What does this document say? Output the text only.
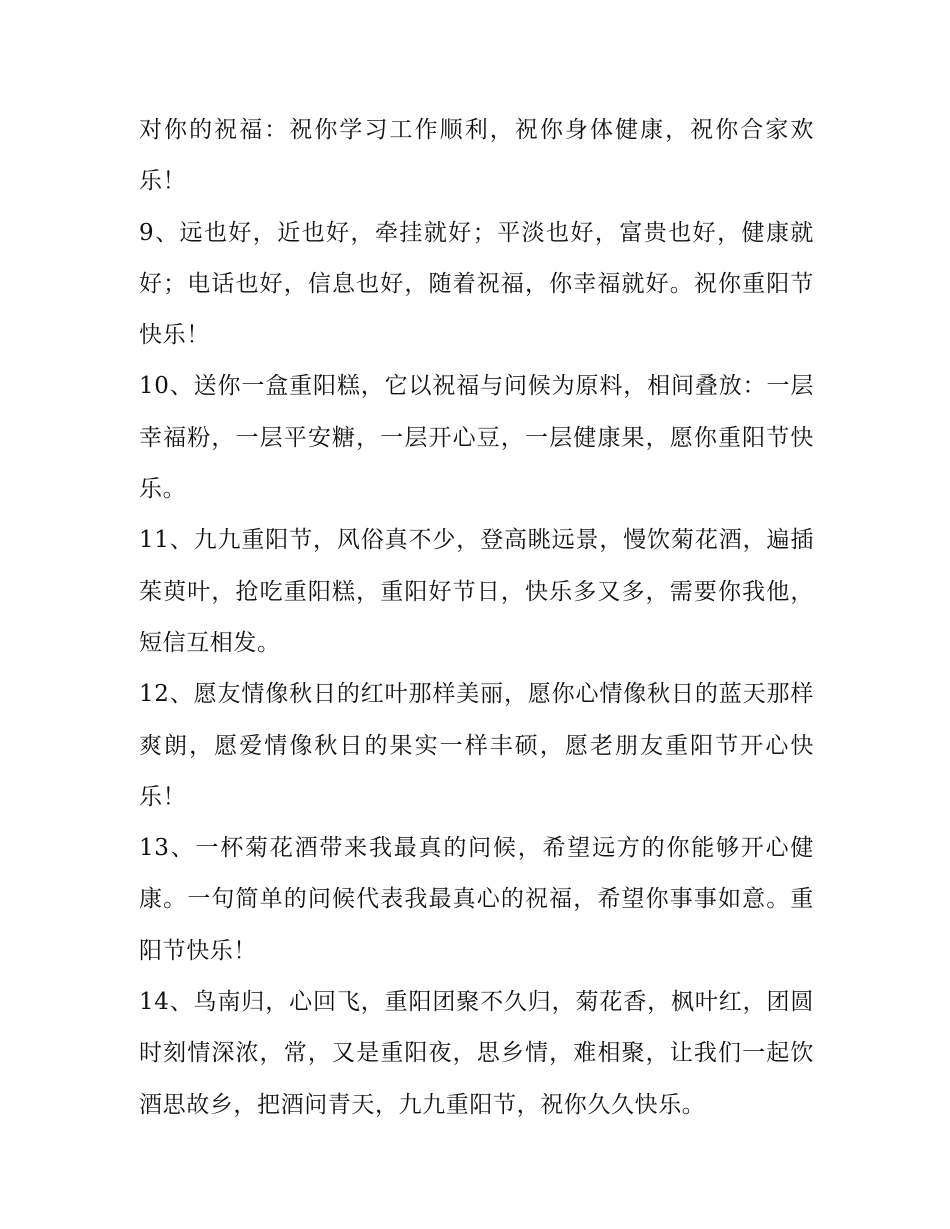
对你的祝福：祝你学习工作顺利，祝你身体健康，祝你合家欢乐！

9、远也好，近也好，牵挂就好；平淡也好，富贵也好，健康就好；电话也好，信息也好，随着祝福，你幸福就好。祝你重阳节快乐！

10、送你一盒重阳糕，它以祝福与问候为原料，相间叠放：一层幸福粉，一层平安糖，一层开心豆，一层健康果，愿你重阳节快乐。

11、九九重阳节，风俗真不少，登高眺远景，慢饮菊花酒，遍插茱萸叶，抢吃重阳糕，重阳好节日，快乐多又多，需要你我他，短信互相发。

12、愿友情像秋日的红叶那样美丽，愿你心情像秋日的蓝天那样爽朗，愿爱情像秋日的果实一样丰硕，愿老朋友重阳节开心快乐！

13、一杯菊花酒带来我最真的问候，希望远方的你能够开心健康。一句简单的问候代表我最真心的祝福，希望你事事如意。重阳节快乐！

14、鸟南归，心回飞，重阳团聚不久归，菊花香，枫叶红，团圆时刻情深浓，常，又是重阳夜，思乡情，难相聚，让我们一起饮酒思故乡，把酒问青天，九九重阳节，祝你久久快乐。
